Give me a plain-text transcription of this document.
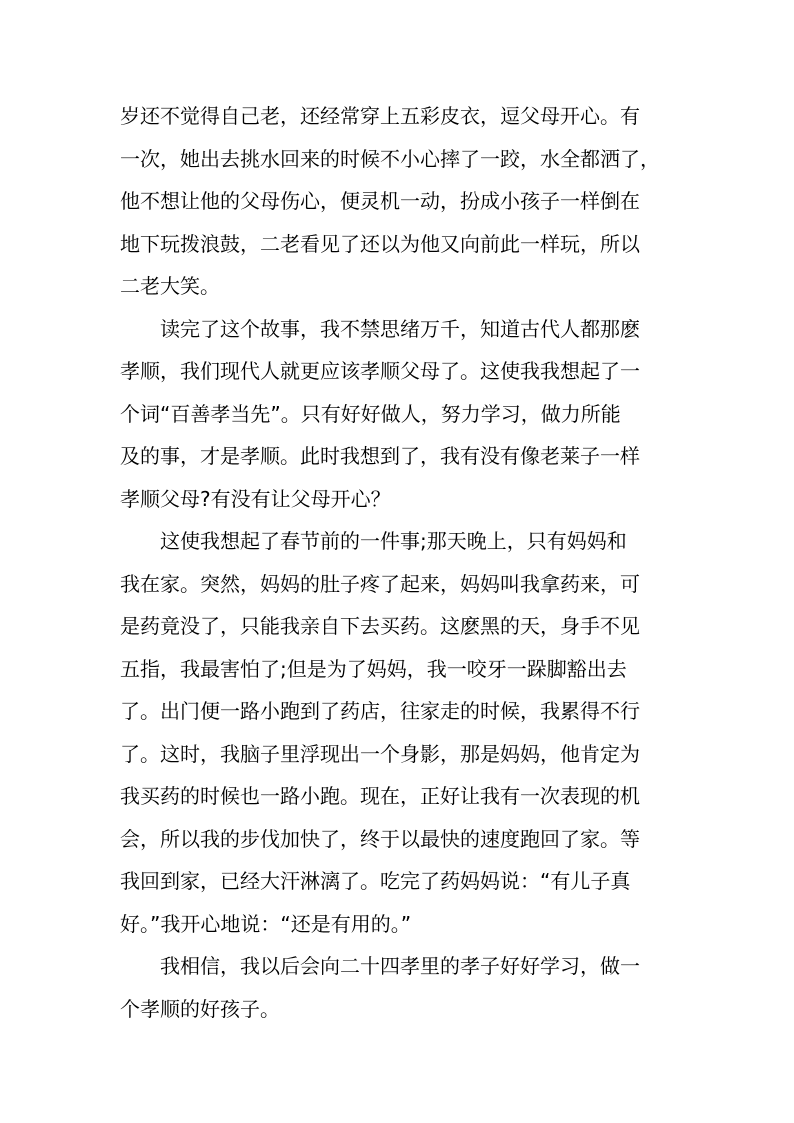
岁还不觉得自己老，还经常穿上五彩皮衣，逗父母开心。有

一次，她出去挑水回来的时候不小心摔了一跤，水全都洒了，

他不想让他的父母伤心，便灵机一动，扮成小孩子一样倒在

地下玩拨浪鼓，二老看见了还以为他又向前此一样玩，所以

二老大笑。

读完了这个故事，我不禁思绪万千，知道古代人都那麽

孝顺，我们现代人就更应该孝顺父母了。这使我我想起了一

个词“百善孝当先”。只有好好做人，努力学习，做力所能

及的事，才是孝顺。此时我想到了，我有没有像老莱子一样

孝顺父母?有没有让父母开心？

这使我想起了春节前的一件事;那天晚上，只有妈妈和

我在家。突然，妈妈的肚子疼了起来，妈妈叫我拿药来，可

是药竟没了，只能我亲自下去买药。这麽黑的天，身手不见

五指，我最害怕了;但是为了妈妈，我一咬牙一跺脚豁出去

了。出门便一路小跑到了药店，往家走的时候，我累得不行

了。这时，我脑子里浮现出一个身影，那是妈妈，他肯定为

我买药的时候也一路小跑。现在，正好让我有一次表现的机

会，所以我的步伐加快了，终于以最快的速度跑回了家。等

我回到家，已经大汗淋漓了。吃完了药妈妈说：“有儿子真

好。”我开心地说：“还是有用的。”

我相信，我以后会向二十四孝里的孝子好好学习，做一

个孝顺的好孩子。
